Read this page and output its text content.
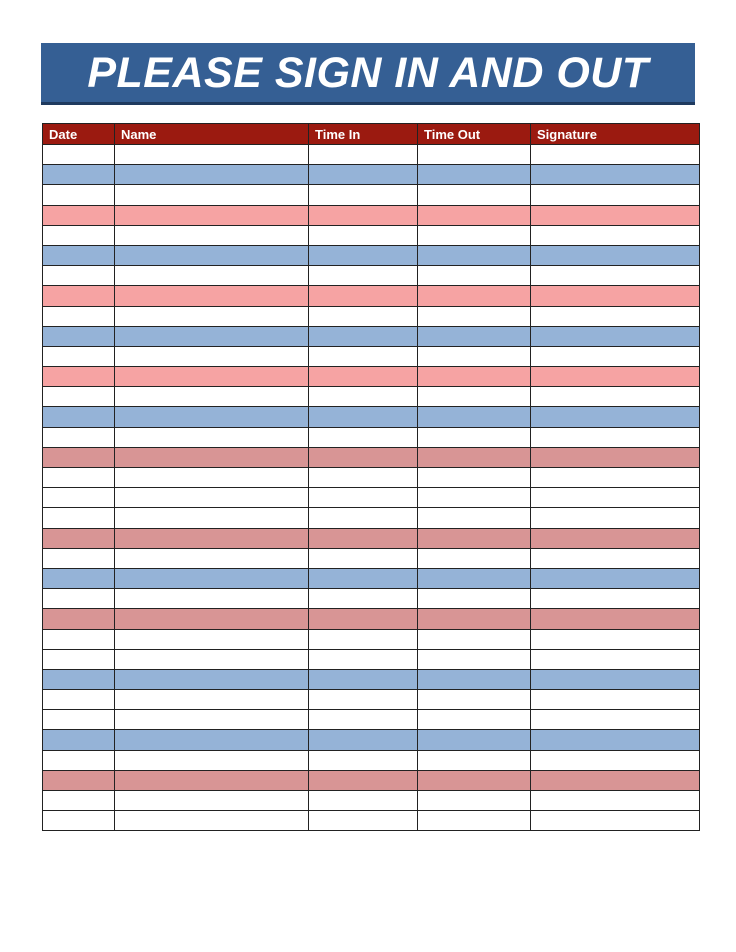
PLEASE SIGN IN AND OUT
Date	Name	Time In	Time Out	Signature
